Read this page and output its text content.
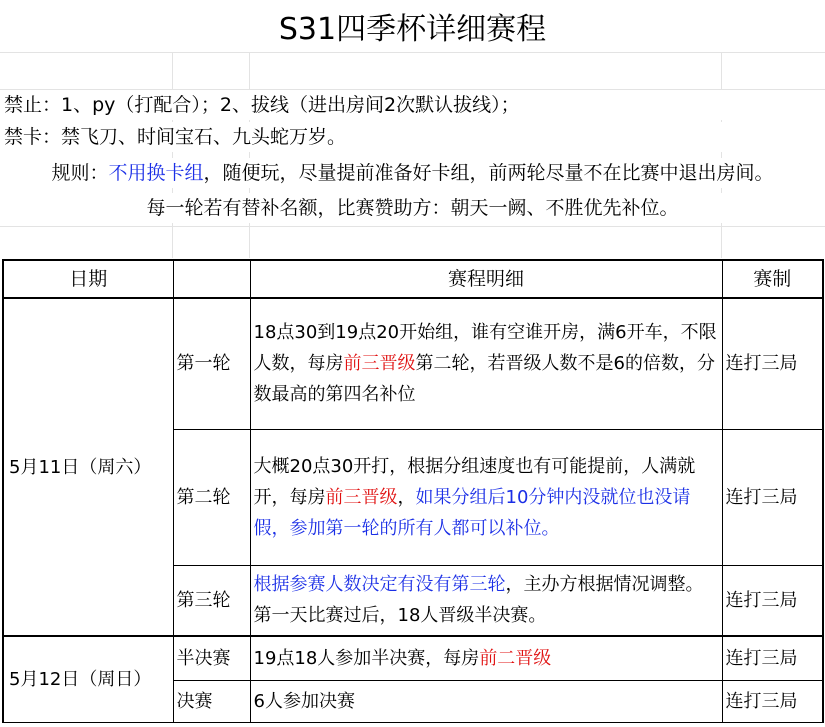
S31四季杯详细赛程
禁止：1、py（打配合）；2、拔线（进出房间2次默认拔线）；
禁卡：禁飞刀、时间宝石、九头蛇万岁。
规则：不用换卡组，随便玩，尽量提前准备好卡组，前两轮尽量不在比赛中退出房间。
每一轮若有替补名额，比赛赞助方：朝天一阙、不胜优先补位。
日期		赛程明细	赛制
5月11日（周六）	第一轮	18点30到19点20开始组，谁有空谁开房，满6开车，不限人数，每房前三晋级第二轮，若晋级人数不是6的倍数，分数最高的第四名补位	连打三局
	第二轮	大概20点30开打，根据分组速度也有可能提前，人满就开，每房前三晋级，如果分组后10分钟内没就位也没请假，参加第一轮的所有人都可以补位。	连打三局
	第三轮	根据参赛人数决定有没有第三轮，主办方根据情况调整。第一天比赛过后，18人晋级半决赛。	连打三局
5月12日（周日）	半决赛	19点18人参加半决赛，每房前二晋级	连打三局
	决赛	6人参加决赛	连打三局
